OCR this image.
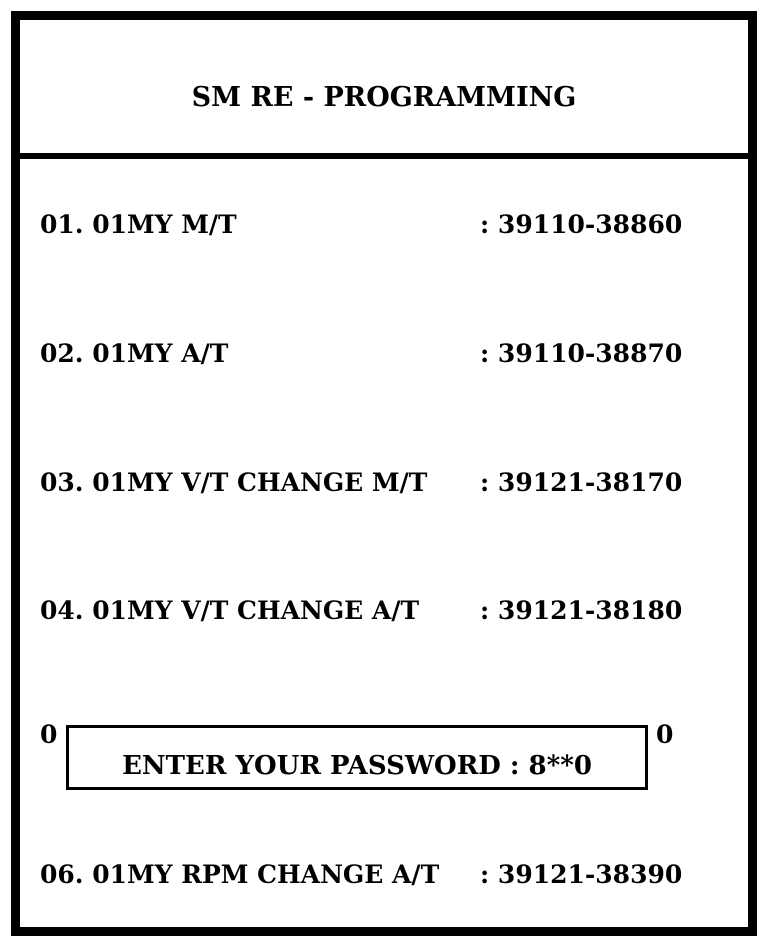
SM RE - PROGRAMMING
01. 01MY M/T	: 39110-38860
02. 01MY A/T	: 39110-38870
03. 01MY V/T CHANGE M/T : 39121-38170
04. 01MY V/T CHANGE A/T : 39121-38180
0	0
ENTER YOUR PASSWORD : 8**0
06. 01MY RPM CHANGE A/T : 39121-38390
